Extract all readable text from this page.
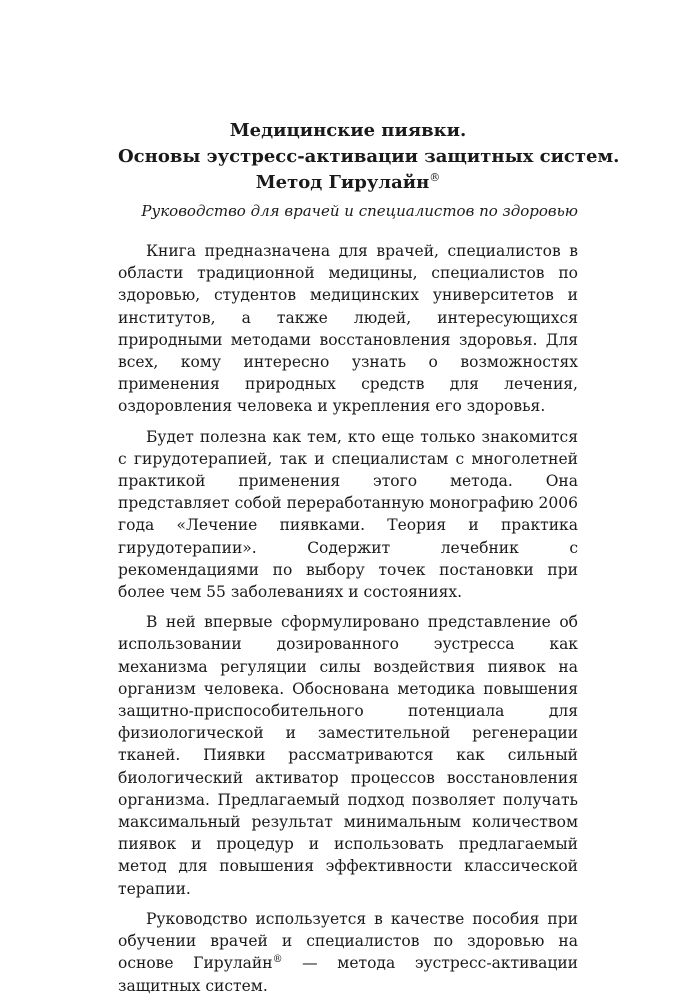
Медицинские пиявки.
Основы эустресс-активации защитных систем.
Метод Гирулайн®

Руководство для врачей и специалистов по здоровью

Книга предназначена для врачей, специалистов в области традиционной медицины, специалистов по здоровью, студентов медицинских университетов и институтов, а также людей, интересующихся природными методами восстановления здоровья. Для всех, кому интересно узнать о возможностях применения природных средств для лечения, оздоровления человека и укрепления его здоровья.

Будет полезна как тем, кто еще только знакомится с гирудотерапией, так и специалистам с многолетней практикой применения этого метода. Она представляет собой переработанную монографию 2006 года «Лечение пиявками. Теория и практика гирудотерапии». Содержит лечебник с рекомендациями по выбору точек постановки при более чем 55 заболеваниях и состояниях.

В ней впервые сформулировано представление об использовании дозированного эустресса как механизма регуляции силы воздействия пиявок на организм человека. Обоснована методика повышения защитно-приспособительного потенциала для физиологической и заместительной регенерации тканей. Пиявки рассматриваются как сильный биологический активатор процессов восстановления организма. Предлагаемый подход позволяет получать максимальный результат минимальным количеством пиявок и процедур и использовать предлагаемый метод для повышения эффективности классической терапии.

Руководство используется в качестве пособия при обучении врачей и специалистов по здоровью на основе Гирулайн® — метода эустресс-активации защитных систем.
